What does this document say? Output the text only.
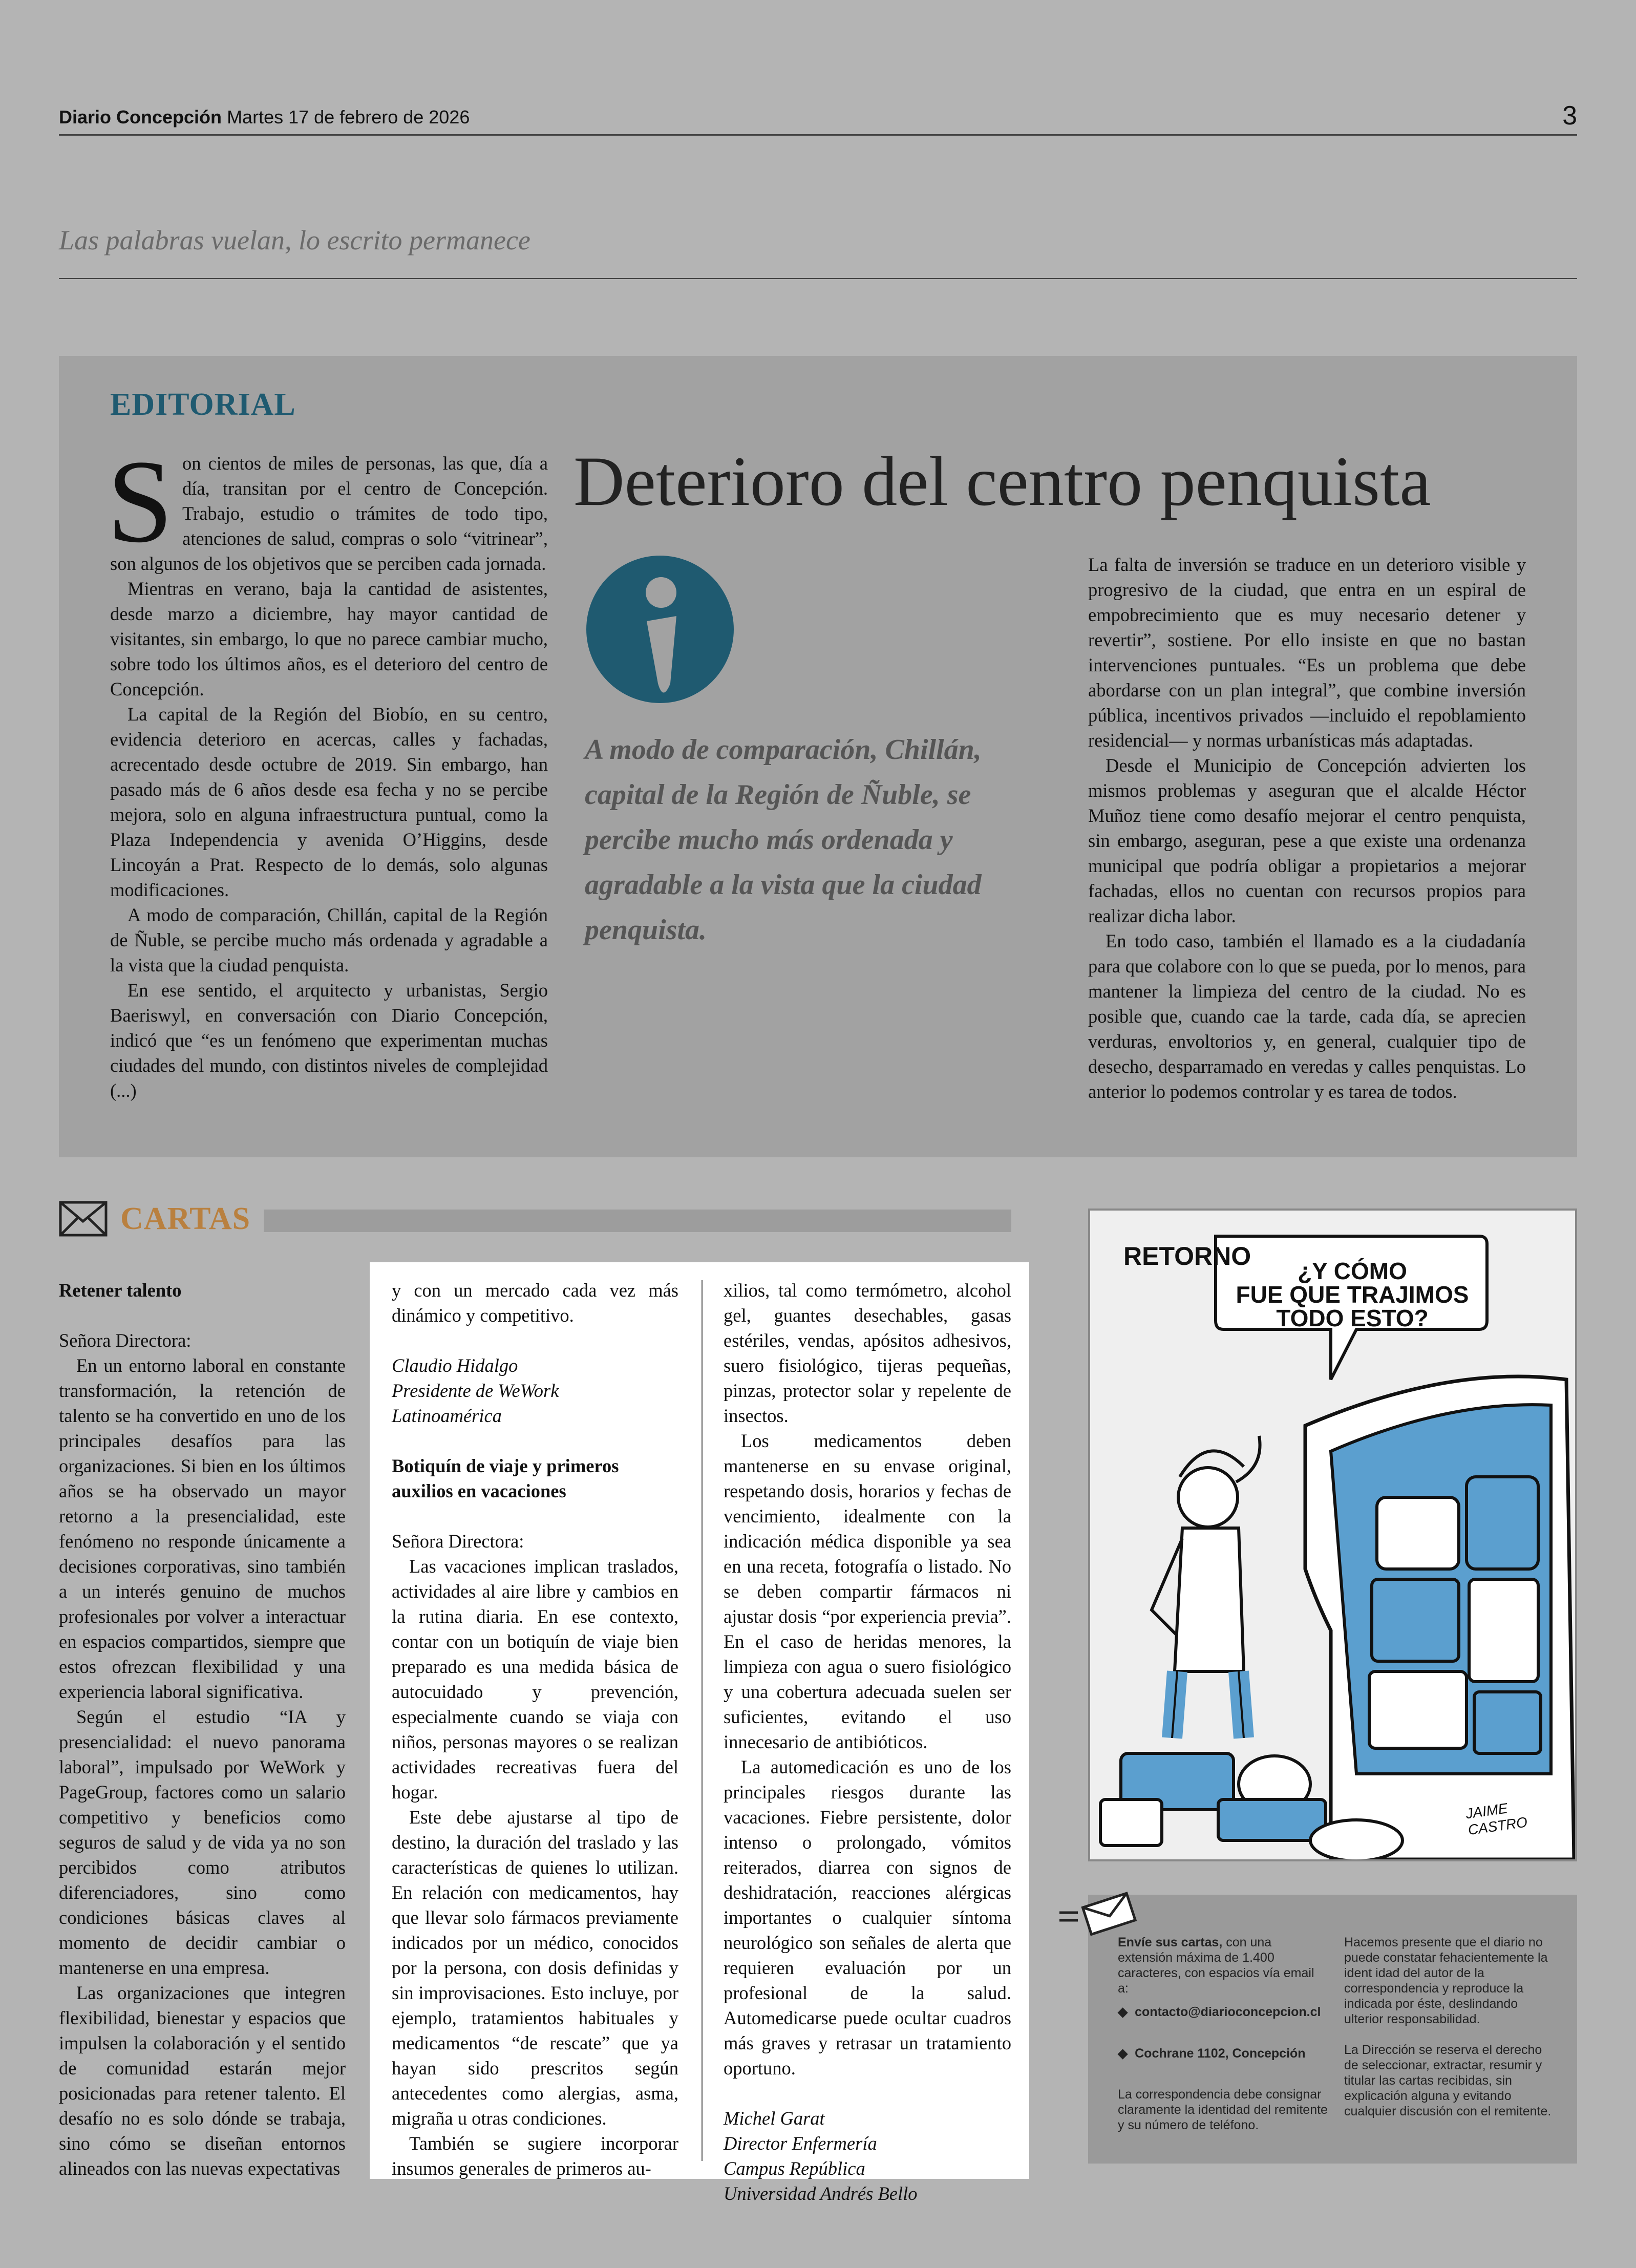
Diario Concepción Martes 17 de febrero de 2026	3
Las palabras vuelan, lo escrito permanece
EDITORIAL

Son cientos de miles de personas, las que, día a día, transitan por el centro de Concepción. Trabajo, estudio o trámites de todo tipo, atenciones de salud, compras o solo “vitrinear”, son algunos de los objetivos que se perciben cada jornada.

Mientras en verano, baja la cantidad de asistentes, desde marzo a diciembre, hay mayor cantidad de visitantes, sin embargo, lo que no parece cambiar mucho, sobre todo los últimos años, es el deterioro del centro de Concepción.

La capital de la Región del Biobío, en su centro, evidencia deterioro en acercas, calles y fachadas, acrecentado desde octubre de 2019. Sin embargo, han pasado más de 6 años desde esa fecha y no se percibe mejora, solo en alguna infraestructura puntual, como la Plaza Independencia y avenida O’Higgins, desde Lincoyán a Prat. Respecto de lo demás, solo algunas modificaciones.

A modo de comparación, Chillán, capital de la Región de Ñuble, se percibe mucho más ordenada y agradable a la vista que la ciudad penquista.

En ese sentido, el arquitecto y urbanistas, Sergio Baeriswyl, en conversación con Diario Concepción, indicó que “es un fenómeno que experimentan muchas ciudades del mundo, con distintos niveles de complejidad (...)

Deterioro del centro penquista
A modo de comparación, Chillán, capital de la Región de Ñuble, se percibe mucho más ordenada y agradable a la vista que la ciudad penquista.

La falta de inversión se traduce en un deterioro visible y progresivo de la ciudad, que entra en un espiral de empobrecimiento que es muy necesario detener y revertir”, sostiene. Por ello insiste en que no bastan intervenciones puntuales. “Es un problema que debe abordarse con un plan integral”, que combine inversión pública, incentivos privados —incluido el repoblamiento residencial— y normas urbanísticas más adaptadas.

Desde el Municipio de Concepción advierten los mismos problemas y aseguran que el alcalde Héctor Muñoz tiene como desafío mejorar el centro penquista, sin embargo, aseguran, pese a que existe una ordenanza municipal que podría obligar a propietarios a mejorar fachadas, ellos no cuentan con recursos propios para realizar dicha labor.

En todo caso, también el llamado es a la ciudadanía para que colabore con lo que se pueda, por lo menos, para mantener la limpieza del centro de la ciudad. No es posible que, cuando cae la tarde, cada día, se aprecien verduras, envoltorios y, en general, cualquier tipo de desecho, desparramado en veredas y calles penquistas. Lo anterior lo podemos controlar y es tarea de todos.

CARTAS

Retener talento

Señora Directora:

En un entorno laboral en constante transformación, la retención de talento se ha convertido en uno de los principales desafíos para las organizaciones. Si bien en los últimos años se ha observado un mayor retorno a la presencialidad, este fenómeno no responde únicamente a decisiones corporativas, sino también a un interés genuino de muchos profesionales por volver a interactuar en espacios compartidos, siempre que estos ofrezcan flexibilidad y una experiencia laboral significativa.

Según el estudio “IA y presencialidad: el nuevo panorama laboral”, impulsado por WeWork y PageGroup, factores como un salario competitivo y beneficios como seguros de salud y de vida ya no son percibidos como atributos diferenciadores, sino como condiciones básicas claves al momento de decidir cambiar o mantenerse en una empresa.

Las organizaciones que integren flexibilidad, bienestar y espacios que impulsen la colaboración y el sentido de comunidad estarán mejor posicionadas para retener talento. El desafío no es solo dónde se trabaja, sino cómo se diseñan entornos alineados con las nuevas expectativas

y con un mercado cada vez más dinámico y competitivo.

Claudio Hidalgo

Presidente de WeWork

Latinoamérica

Botiquín de viaje y primeros auxilios en vacaciones

Señora Directora:

Las vacaciones implican traslados, actividades al aire libre y cambios en la rutina diaria. En ese contexto, contar con un botiquín de viaje bien preparado es una medida básica de autocuidado y prevención, especialmente cuando se viaja con niños, personas mayores o se realizan actividades recreativas fuera del hogar.

Este debe ajustarse al tipo de destino, la duración del traslado y las características de quienes lo utilizan. En relación con medicamentos, hay que llevar solo fármacos previamente indicados por un médico, conocidos por la persona, con dosis definidas y sin improvisaciones. Esto incluye, por ejemplo, tratamientos habituales y medicamentos “de rescate” que ya hayan sido prescritos según antecedentes como alergias, asma, migraña u otras condiciones.

También se sugiere incorporar insumos generales de primeros au-

xilios, tal como termómetro, alcohol gel, guantes desechables, gasas estériles, vendas, apósitos adhesivos, suero fisiológico, tijeras pequeñas, pinzas, protector solar y repelente de insectos.

Los medicamentos deben mantenerse en su envase original, respetando dosis, horarios y fechas de vencimiento, idealmente con la indicación médica disponible ya sea en una receta, fotografía o listado. No se deben compartir fármacos ni ajustar dosis “por experiencia previa”. En el caso de heridas menores, la limpieza con agua o suero fisiológico y una cobertura adecuada suelen ser suficientes, evitando el uso innecesario de antibióticos.

La automedicación es uno de los principales riesgos durante las vacaciones. Fiebre persistente, dolor intenso o prolongado, vómitos reiterados, diarrea con signos de deshidratación, reacciones alérgicas importantes o cualquier síntoma neurológico son señales de alerta que requieren evaluación por un profesional de la salud. Automedicarse puede ocultar cuadros más graves y retrasar un tratamiento oportuno.

Michel Garat

Director Enfermería

Campus República

Universidad Andrés Bello

RETORNO
¿Y CÓMO
FUE QUE TRAJIMOS
TODO ESTO?
JAIME CASTRO
Envíe sus cartas, con una extensión máxima de 1.400 caracteres, con espacios vía email a:
◆  contacto@diarioconcepcion.cl
◆  Cochrane 1102, Concepción
La correspondencia debe consignar claramente la identidad del remitente y su número de teléfono.
Hacemos presente que el diario no puede constatar fehacientemente la ident idad del autor de la correspondencia y reproduce la indicada por éste, deslindando ulterior responsabilidad.
La Dirección se reserva el derecho de seleccionar, extractar, resumir y titular las cartas recibidas, sin explicación alguna y evitando cualquier discusión con el remitente.
